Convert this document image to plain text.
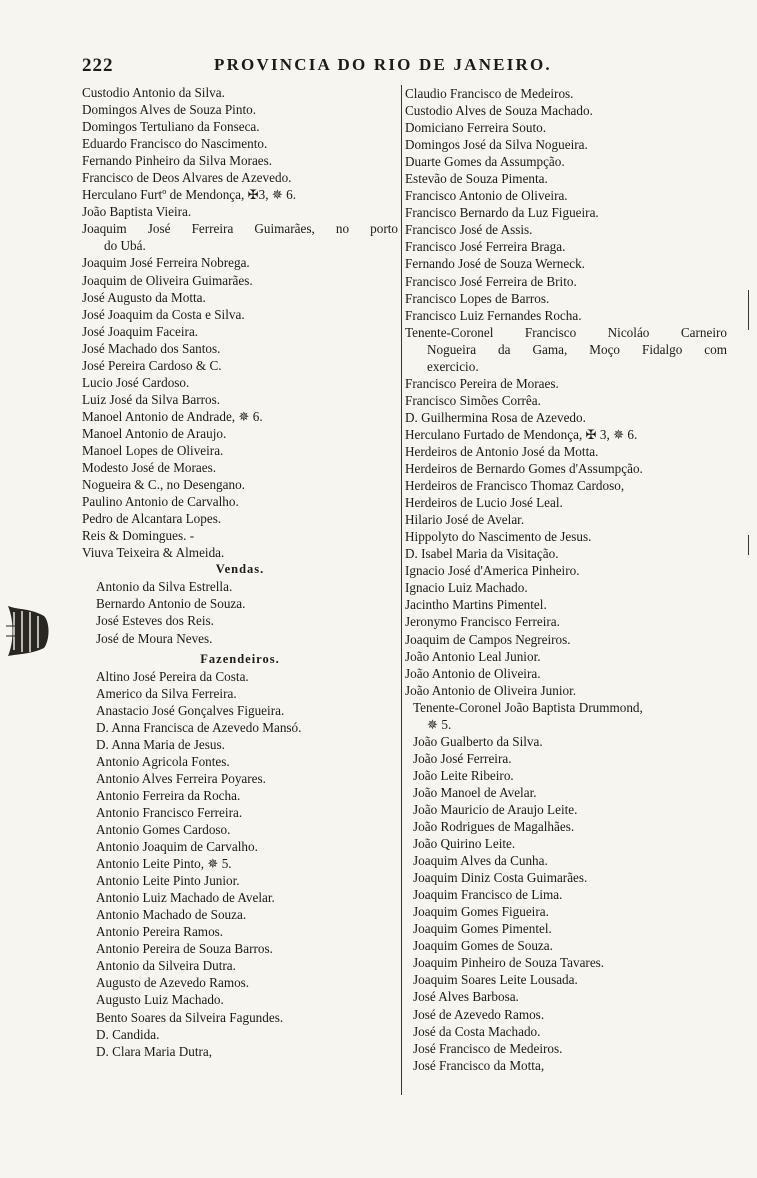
222	PROVINCIA DO RIO DE JANEIRO.
Custodio Antonio da Silva.
Domingos Alves de Souza Pinto.
Domingos Tertuliano da Fonseca.
Eduardo Francisco do Nascimento.
Fernando Pinheiro da Silva Moraes.
Francisco de Deos Alvares de Azevedo.
Herculano Furtº de Mendonça, ✠3, ✵ 6.
João Baptista Vieira.
Joaquim José Ferreira Guimarães, no porto
do Ubá.
Joaquim José Ferreira Nobrega.
Joaquim de Oliveira Guimarães.
José Augusto da Motta.
José Joaquim da Costa e Silva.
José Joaquim Faceira.
José Machado dos Santos.
José Pereira Cardoso & C.
Lucio José Cardoso.
Luiz José da Silva Barros.
Manoel Antonio de Andrade, ✵ 6.
Manoel Antonio de Araujo.
Manoel Lopes de Oliveira.
Modesto José de Moraes.
Nogueira & C., no Desengano.
Paulino Antonio de Carvalho.
Pedro de Alcantara Lopes.
Reis & Domingues. -
Viuva Teixeira & Almeida.
Vendas.
Antonio da Silva Estrella.
Bernardo Antonio de Souza.
José Esteves dos Reis.
José de Moura Neves.
Fazendeiros.
Altino José Pereira da Costa.
Americo da Silva Ferreira.
Anastacio José Gonçalves Figueira.
D. Anna Francisca de Azevedo Mansó.
D. Anna Maria de Jesus.
Antonio Agricola Fontes.
Antonio Alves Ferreira Poyares.
Antonio Ferreira da Rocha.
Antonio Francisco Ferreira.
Antonio Gomes Cardoso.
Antonio Joaquim de Carvalho.
Antonio Leite Pinto, ✵ 5.
Antonio Leite Pinto Junior.
Antonio Luiz Machado de Avelar.
Antonio Machado de Souza.
Antonio Pereira Ramos.
Antonio Pereira de Souza Barros.
Antonio da Silveira Dutra.
Augusto de Azevedo Ramos.
Augusto Luiz Machado.
Bento Soares da Silveira Fagundes.
D. Candida.
D. Clara Maria Dutra,
Claudio Francisco de Medeiros.
Custodio Alves de Souza Machado.
Domiciano Ferreira Souto.
Domingos José da Silva Nogueira.
Duarte Gomes da Assumpção.
Estevão de Souza Pimenta.
Francisco Antonio de Oliveira.
Francisco Bernardo da Luz Figueira.
Francisco José de Assis.
Francisco José Ferreira Braga.
Fernando José de Souza Werneck.
Francisco José Ferreira de Brito.
Francisco Lopes de Barros.
Francisco Luiz Fernandes Rocha.
Tenente-Coronel Francisco Nicoláo Carneiro
Nogueira da Gama, Moço Fidalgo com
exercicio.
Francisco Pereira de Moraes.
Francisco Simões Corrêa.
D. Guilhermina Rosa de Azevedo.
Herculano Furtado de Mendonça, ✠ 3, ✵ 6.
Herdeiros de Antonio José da Motta.
Herdeiros de Bernardo Gomes d'Assumpção.
Herdeiros de Francisco Thomaz Cardoso,
Herdeiros de Lucio José Leal.
Hilario José de Avelar.
Hippolyto do Nascimento de Jesus.
D. Isabel Maria da Visitação.
Ignacio José d'America Pinheiro.
Ignacio Luiz Machado.
Jacintho Martins Pimentel.
Jeronymo Francisco Ferreira.
Joaquim de Campos Negreiros.
João Antonio Leal Junior.
João Antonio de Oliveira.
João Antonio de Oliveira Junior.
Tenente-Coronel João Baptista Drummond,
✵ 5.
João Gualberto da Silva.
João José Ferreira.
João Leite Ribeiro.
João Manoel de Avelar.
João Mauricio de Araujo Leite.
João Rodrigues de Magalhães.
João Quirino Leite.
Joaquim Alves da Cunha.
Joaquim Diniz Costa Guimarães.
Joaquim Francisco de Lima.
Joaquim Gomes Figueira.
Joaquim Gomes Pimentel.
Joaquim Gomes de Souza.
Joaquim Pinheiro de Souza Tavares.
Joaquim Soares Leite Lousada.
José Alves Barbosa.
José de Azevedo Ramos.
José da Costa Machado.
José Francisco de Medeiros.
José Francisco da Motta,
